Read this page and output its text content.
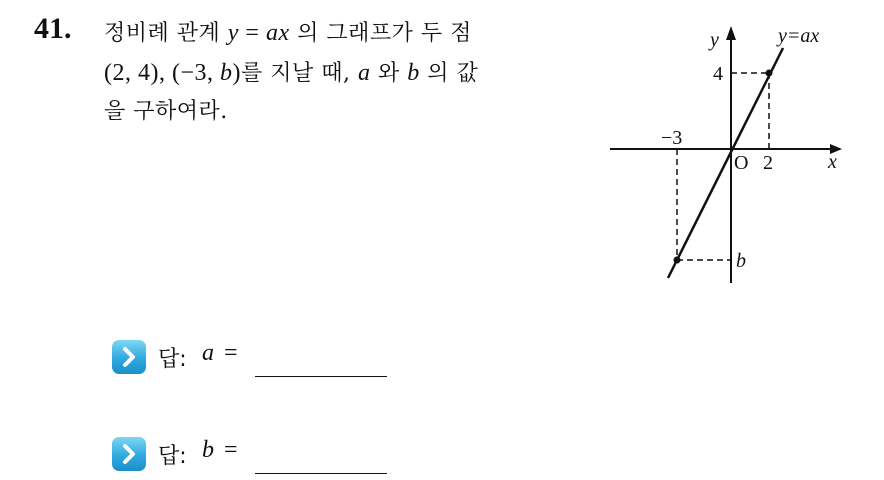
41. 정비례 관계 y = ax 의 그래프가 두 점
(2, 4), (−3, b)를 지날 때, a 와 b 의 값
을 구하여라.
y=ax
y
x
O 2
−3
4
b
답: a =
답: b =
